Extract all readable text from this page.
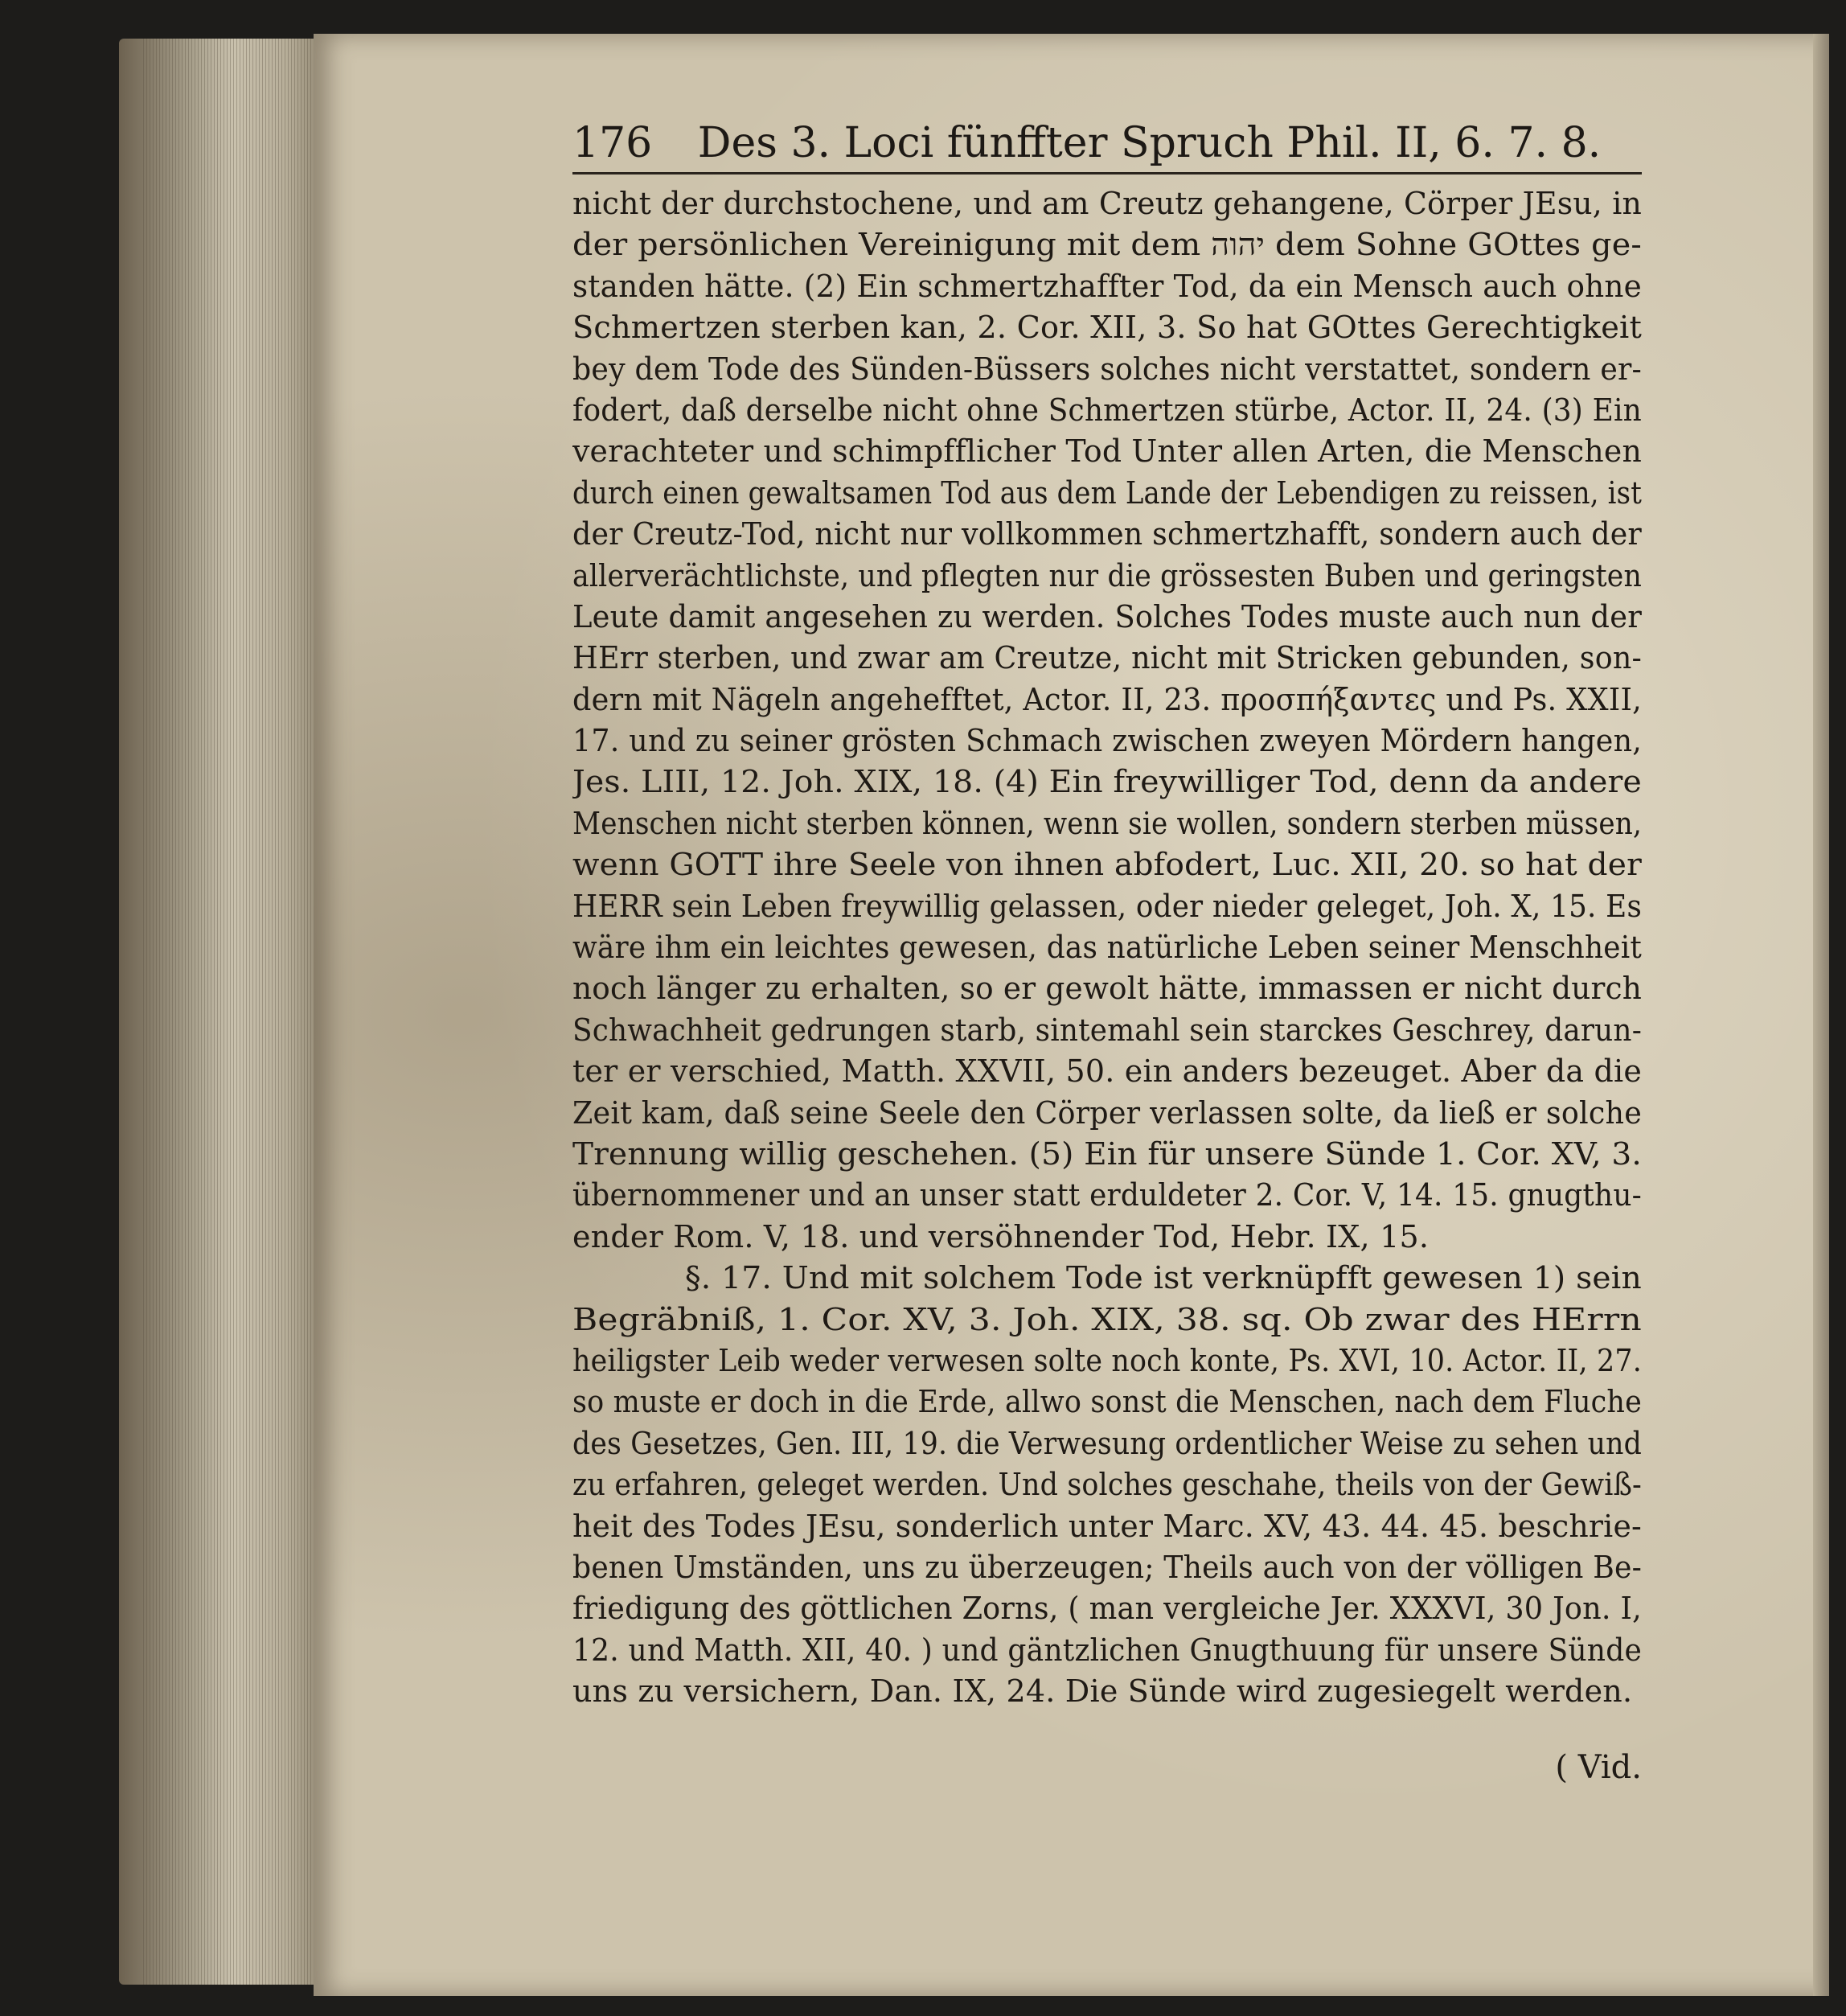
176 Des 3. Loci fünffter Spruch Phil. II, 6. 7. 8.
nicht der durchstochene, und am Creutz gehangene, Cörper JEsu, in
der persönlichen Vereinigung mit dem יהוה dem Sohne GOttes ge-
standen hätte. (2) Ein schmertzhaffter Tod, da ein Mensch auch ohne
Schmertzen sterben kan, 2. Cor. XII, 3. So hat GOttes Gerechtigkeit
bey dem Tode des Sünden-Büssers solches nicht verstattet, sondern er-
fodert, daß derselbe nicht ohne Schmertzen stürbe, Actor. II, 24. (3) Ein
verachteter und schimpfflicher Tod Unter allen Arten, die Menschen
durch einen gewaltsamen Tod aus dem Lande der Lebendigen zu reissen, ist
der Creutz-Tod, nicht nur vollkommen schmertzhafft, sondern auch der
allerverächtlichste, und pflegten nur die grössesten Buben und geringsten
Leute damit angesehen zu werden. Solches Todes muste auch nun der
HErr sterben, und zwar am Creutze, nicht mit Stricken gebunden, son-
dern mit Nägeln angehefftet, Actor. II, 23. προσπήξαντες und Ps. XXII,
17. und zu seiner grösten Schmach zwischen zweyen Mördern hangen,
Jes. LIII, 12. Joh. XIX, 18. (4) Ein freywilliger Tod, denn da andere
Menschen nicht sterben können, wenn sie wollen, sondern sterben müssen,
wenn GOTT ihre Seele von ihnen abfodert, Luc. XII, 20. so hat der
HERR sein Leben freywillig gelassen, oder nieder geleget, Joh. X, 15. Es
wäre ihm ein leichtes gewesen, das natürliche Leben seiner Menschheit
noch länger zu erhalten, so er gewolt hätte, immassen er nicht durch
Schwachheit gedrungen starb, sintemahl sein starckes Geschrey, darun-
ter er verschied, Matth. XXVII, 50. ein anders bezeuget. Aber da die
Zeit kam, daß seine Seele den Cörper verlassen solte, da ließ er solche
Trennung willig geschehen. (5) Ein für unsere Sünde 1. Cor. XV, 3.
übernommener und an unser statt erduldeter 2. Cor. V, 14. 15. gnugthu-
ender Rom. V, 18. und versöhnender Tod, Hebr. IX, 15.
§. 17. Und mit solchem Tode ist verknüpfft gewesen 1) sein
Begräbniß, 1. Cor. XV, 3. Joh. XIX, 38. sq. Ob zwar des HErrn
heiligster Leib weder verwesen solte noch konte, Ps. XVI, 10. Actor. II, 27.
so muste er doch in die Erde, allwo sonst die Menschen, nach dem Fluche
des Gesetzes, Gen. III, 19. die Verwesung ordentlicher Weise zu sehen und
zu erfahren, geleget werden. Und solches geschahe, theils von der Gewiß-
heit des Todes JEsu, sonderlich unter Marc. XV, 43. 44. 45. beschrie-
benen Umständen, uns zu überzeugen; Theils auch von der völligen Be-
friedigung des göttlichen Zorns, ( man vergleiche Jer. XXXVI, 30 Jon. I,
12. und Matth. XII, 40. ) und gäntzlichen Gnugthuung für unsere Sünde
uns zu versichern, Dan. IX, 24. Die Sünde wird zugesiegelt werden.
( Vid.
